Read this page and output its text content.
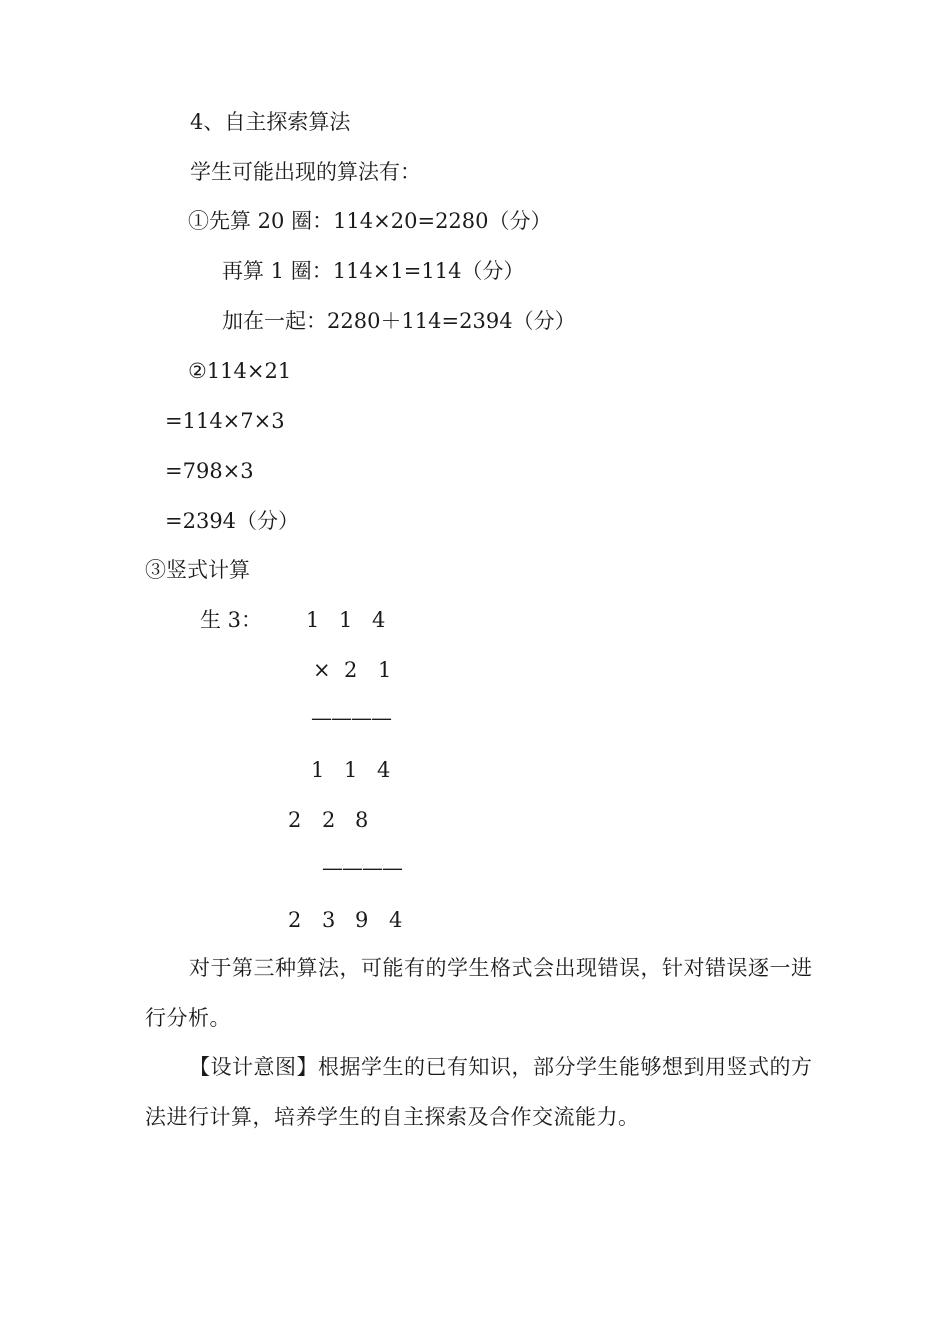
4、自主探索算法
学生可能出现的算法有：
①先算 20 圈：114×20=2280（分）
再算 1 圈：114×1=114（分）
加在一起：2280＋114=2394（分）
②114×21
=114×7×3
=798×3
=2394（分）
③竖式计算
生 3： 1 1 4
× 2 1
————
1 1 4
2 2 8
————
2 3 9 4
对于第三种算法，可能有的学生格式会出现错误，针对错误逐一进行分析。
【设计意图】根据学生的已有知识，部分学生能够想到用竖式的方法进行计算，培养学生的自主探索及合作交流能力。
